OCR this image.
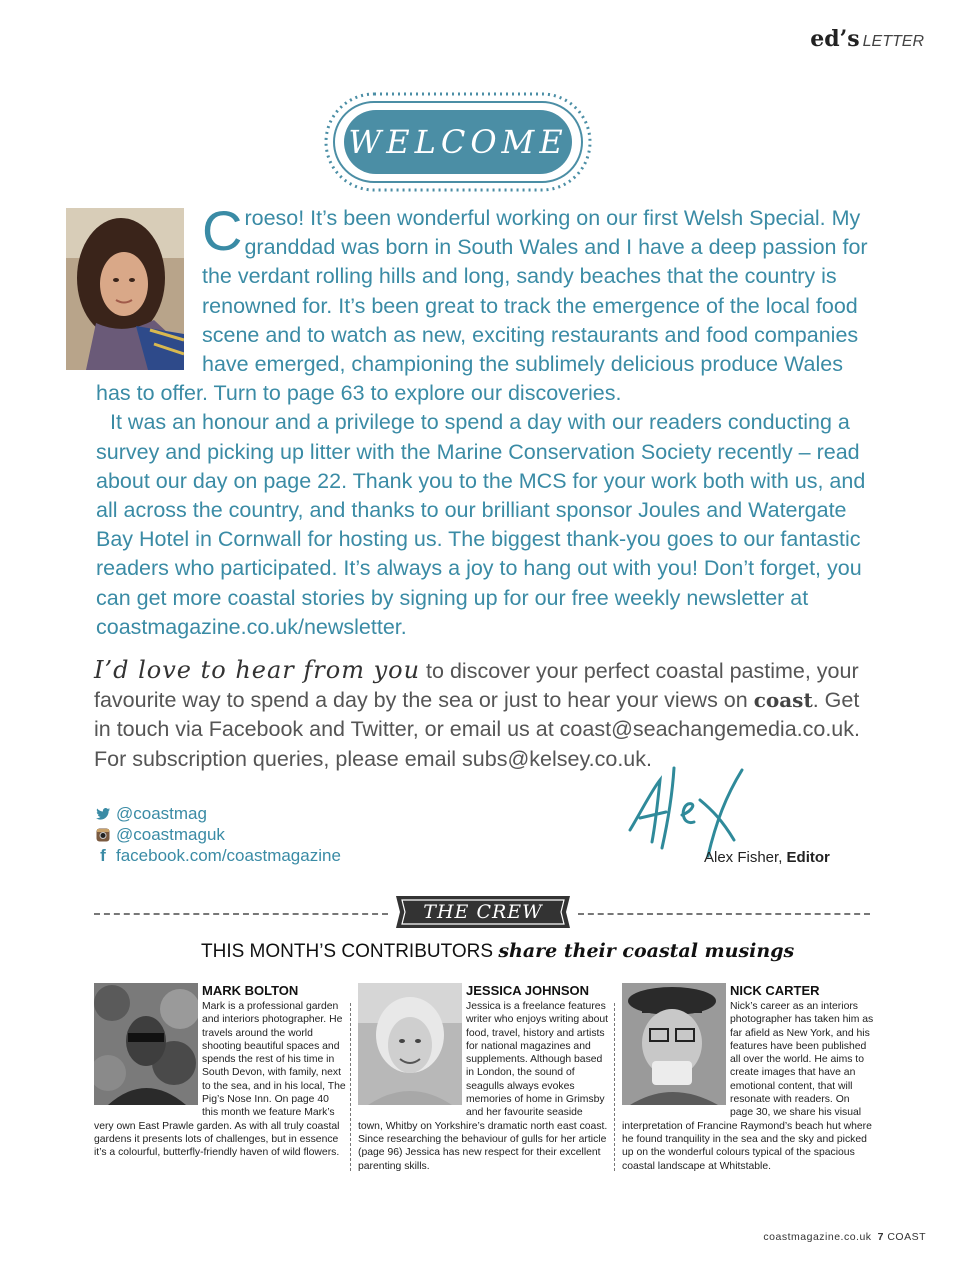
ed’s LETTER
WELCOME

Croeso! It’s been wonderful working on our first Welsh Special. My granddad was born in South Wales and I have a deep passion for the verdant rolling hills and long, sandy beaches that the country is renowned for. It’s been great to track the emergence of the local food scene and to watch as new, exciting restaurants and food companies have emerged, championing the sublimely delicious produce Wales has to offer. Turn to page 63 to explore our discoveries.

It was an honour and a privilege to spend a day with our readers conducting a survey and picking up litter with the Marine Conservation Society recently – read about our day on page 22. Thank you to the MCS for your work both with us, and all across the country, and thanks to our brilliant sponsor Joules and Watergate Bay Hotel in Cornwall for hosting us. The biggest thank-you goes to our fantastic readers who participated. It’s always a joy to hang out with you! Don’t forget, you can get more coastal stories by signing up for our free weekly newsletter at coastmagazine.co.uk/newsletter.

I’d love to hear from you to discover your perfect coastal pastime, your favourite way to spend a day by the sea or just to hear your views on coast. Get in touch via Facebook and Twitter, or email us at coast@seachangemedia.co.uk. For subscription queries, please email subs@kelsey.co.uk.
@coastmag
@coastmaguk
f facebook.com/coastmagazine	Alex Fisher, Editor
THE CREW
THIS MONTH’S CONTRIBUTORS share their coastal musings
MARK BOLTON

Mark is a professional garden and interiors photographer. He travels around the world shooting beautiful spaces and spends the rest of his time in South Devon, with family, next to the sea, and in his local, The Pig’s Nose Inn. On page 40 this month we feature Mark’s very own East Prawle garden. As with all truly coastal gardens it presents lots of challenges, but in essence it’s a colourful, butterfly-friendly haven of wild flowers.

JESSICA JOHNSON

Jessica is a freelance features writer who enjoys writing about food, travel, history and artists for national magazines and supplements. Although based in London, the sound of seagulls always evokes memories of home in Grimsby and her favourite seaside town, Whitby on Yorkshire’s dramatic north east coast. Since researching the behaviour of gulls for her article (page 96) Jessica has new respect for their excellent parenting skills.

NICK CARTER

Nick’s career as an interiors photographer has taken him as far afield as New York, and his features have been published all over the world. He aims to create images that have an emotional content, that will resonate with readers. On page 30, we share his visual interpretation of Francine Raymond’s beach hut where he found tranquility in the sea and the sky and picked up on the wonderful colours typical of the spacious coastal landscape at Whitstable.

coastmagazine.co.uk 7 COAST
